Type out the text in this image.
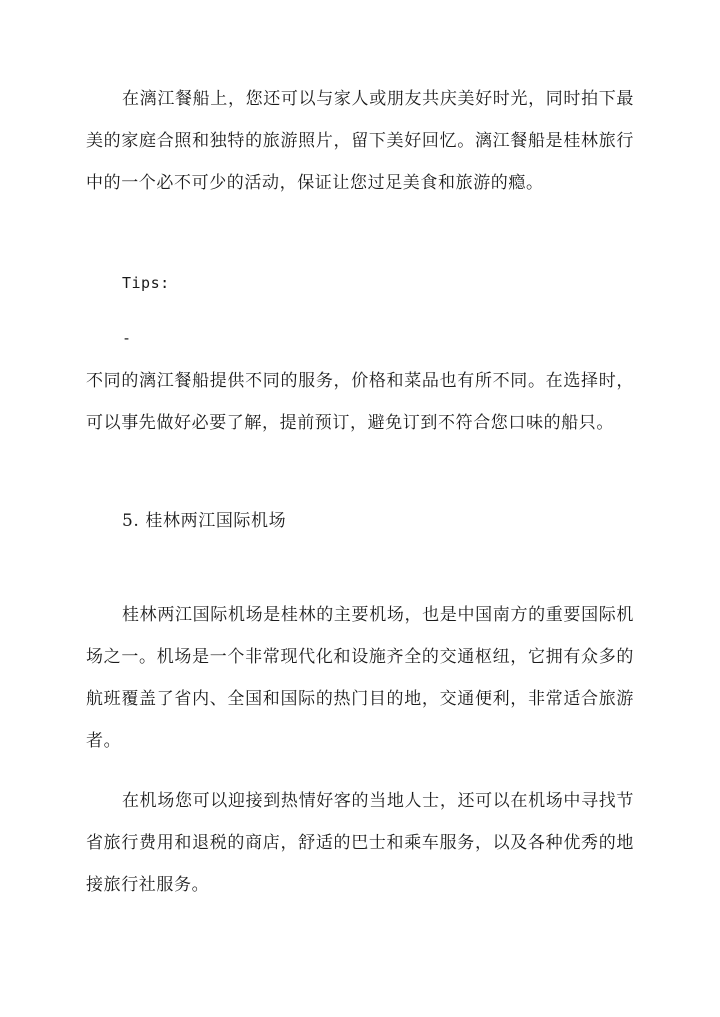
在漓江餐船上，您还可以与家人或朋友共庆美好时光，同时拍下最美的家庭合照和独特的旅游照片，留下美好回忆。漓江餐船是桂林旅行中的一个必不可少的活动，保证让您过足美食和旅游的瘾。

Tips:

-

不同的漓江餐船提供不同的服务，价格和菜品也有所不同。在选择时，可以事先做好必要了解，提前预订，避免订到不符合您口味的船只。

5. 桂林两江国际机场

桂林两江国际机场是桂林的主要机场，也是中国南方的重要国际机场之一。机场是一个非常现代化和设施齐全的交通枢纽，它拥有众多的航班覆盖了省内、全国和国际的热门目的地，交通便利，非常适合旅游者。

在机场您可以迎接到热情好客的当地人士，还可以在机场中寻找节省旅行费用和退税的商店，舒适的巴士和乘车服务，以及各种优秀的地接旅行社服务。
